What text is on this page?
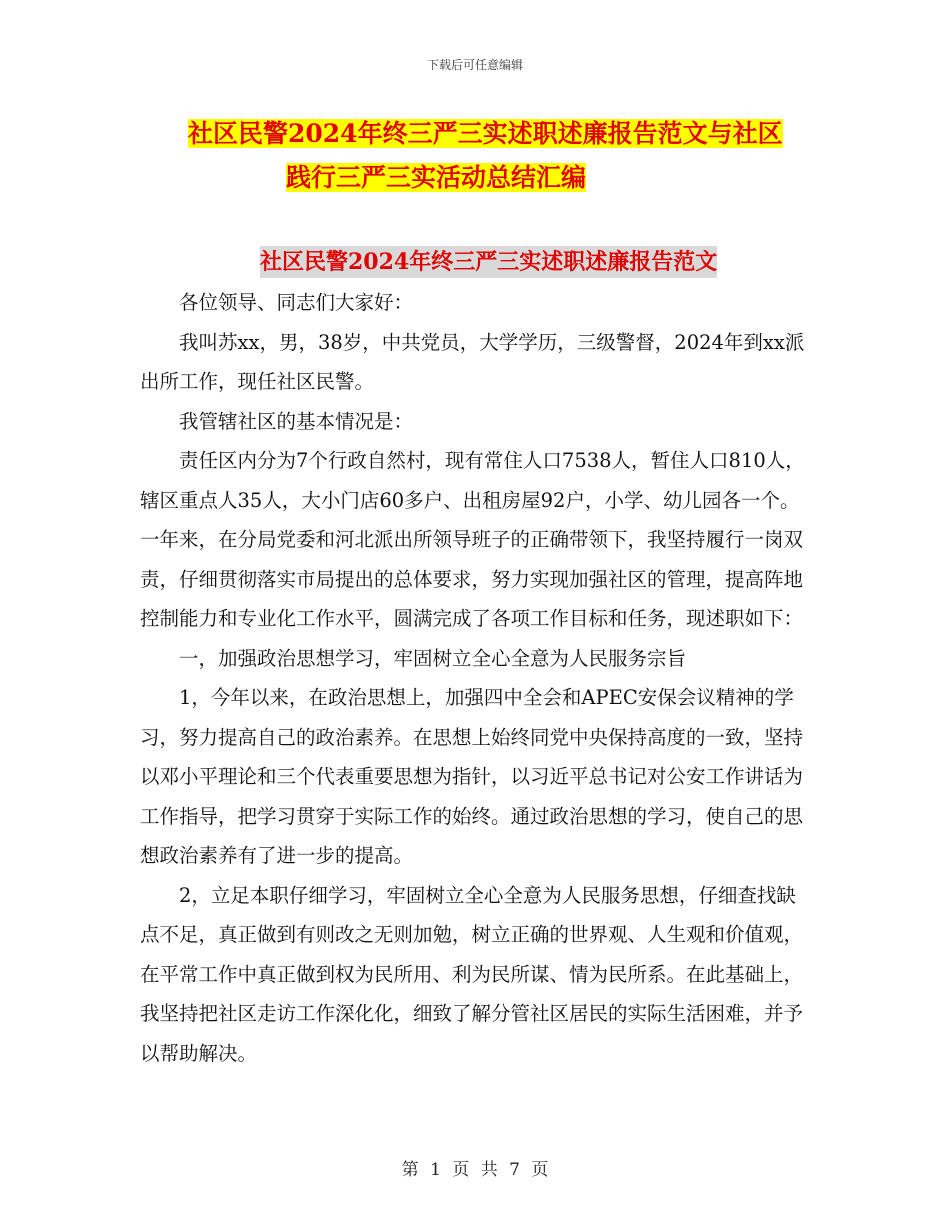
下载后可任意编辑
社区民警2024年终三严三实述职述廉报告范文与社区
践行三严三实活动总结汇编
社区民警2024年终三严三实述职述廉报告范文

各位领导、同志们大家好：

我叫苏xx，男，38岁，中共党员，大学学历，三级警督，2024年到xx派出所工作，现任社区民警。

我管辖社区的基本情况是：

责任区内分为7个行政自然村，现有常住人口7538人，暂住人口810人，辖区重点人35人，大小门店60多户、出租房屋92户，小学、幼儿园各一个。一年来，在分局党委和河北派出所领导班子的正确带领下，我坚持履行一岗双责，仔细贯彻落实市局提出的总体要求，努力实现加强社区的管理，提高阵地控制能力和专业化工作水平，圆满完成了各项工作目标和任务，现述职如下：

一，加强政治思想学习，牢固树立全心全意为人民服务宗旨

1，今年以来，在政治思想上，加强四中全会和APEC安保会议精神的学习，努力提高自己的政治素养。在思想上始终同党中央保持高度的一致，坚持以邓小平理论和三个代表重要思想为指针，以习近平总书记对公安工作讲话为工作指导，把学习贯穿于实际工作的始终。通过政治思想的学习，使自己的思想政治素养有了进一步的提高。

2，立足本职仔细学习，牢固树立全心全意为人民服务思想，仔细查找缺点不足，真正做到有则改之无则加勉，树立正确的世界观、人生观和价值观，在平常工作中真正做到权为民所用、利为民所谋、情为民所系。在此基础上，我坚持把社区走访工作深化化，细致了解分管社区居民的实际生活困难，并予以帮助解决。

第 1 页 共 7 页
